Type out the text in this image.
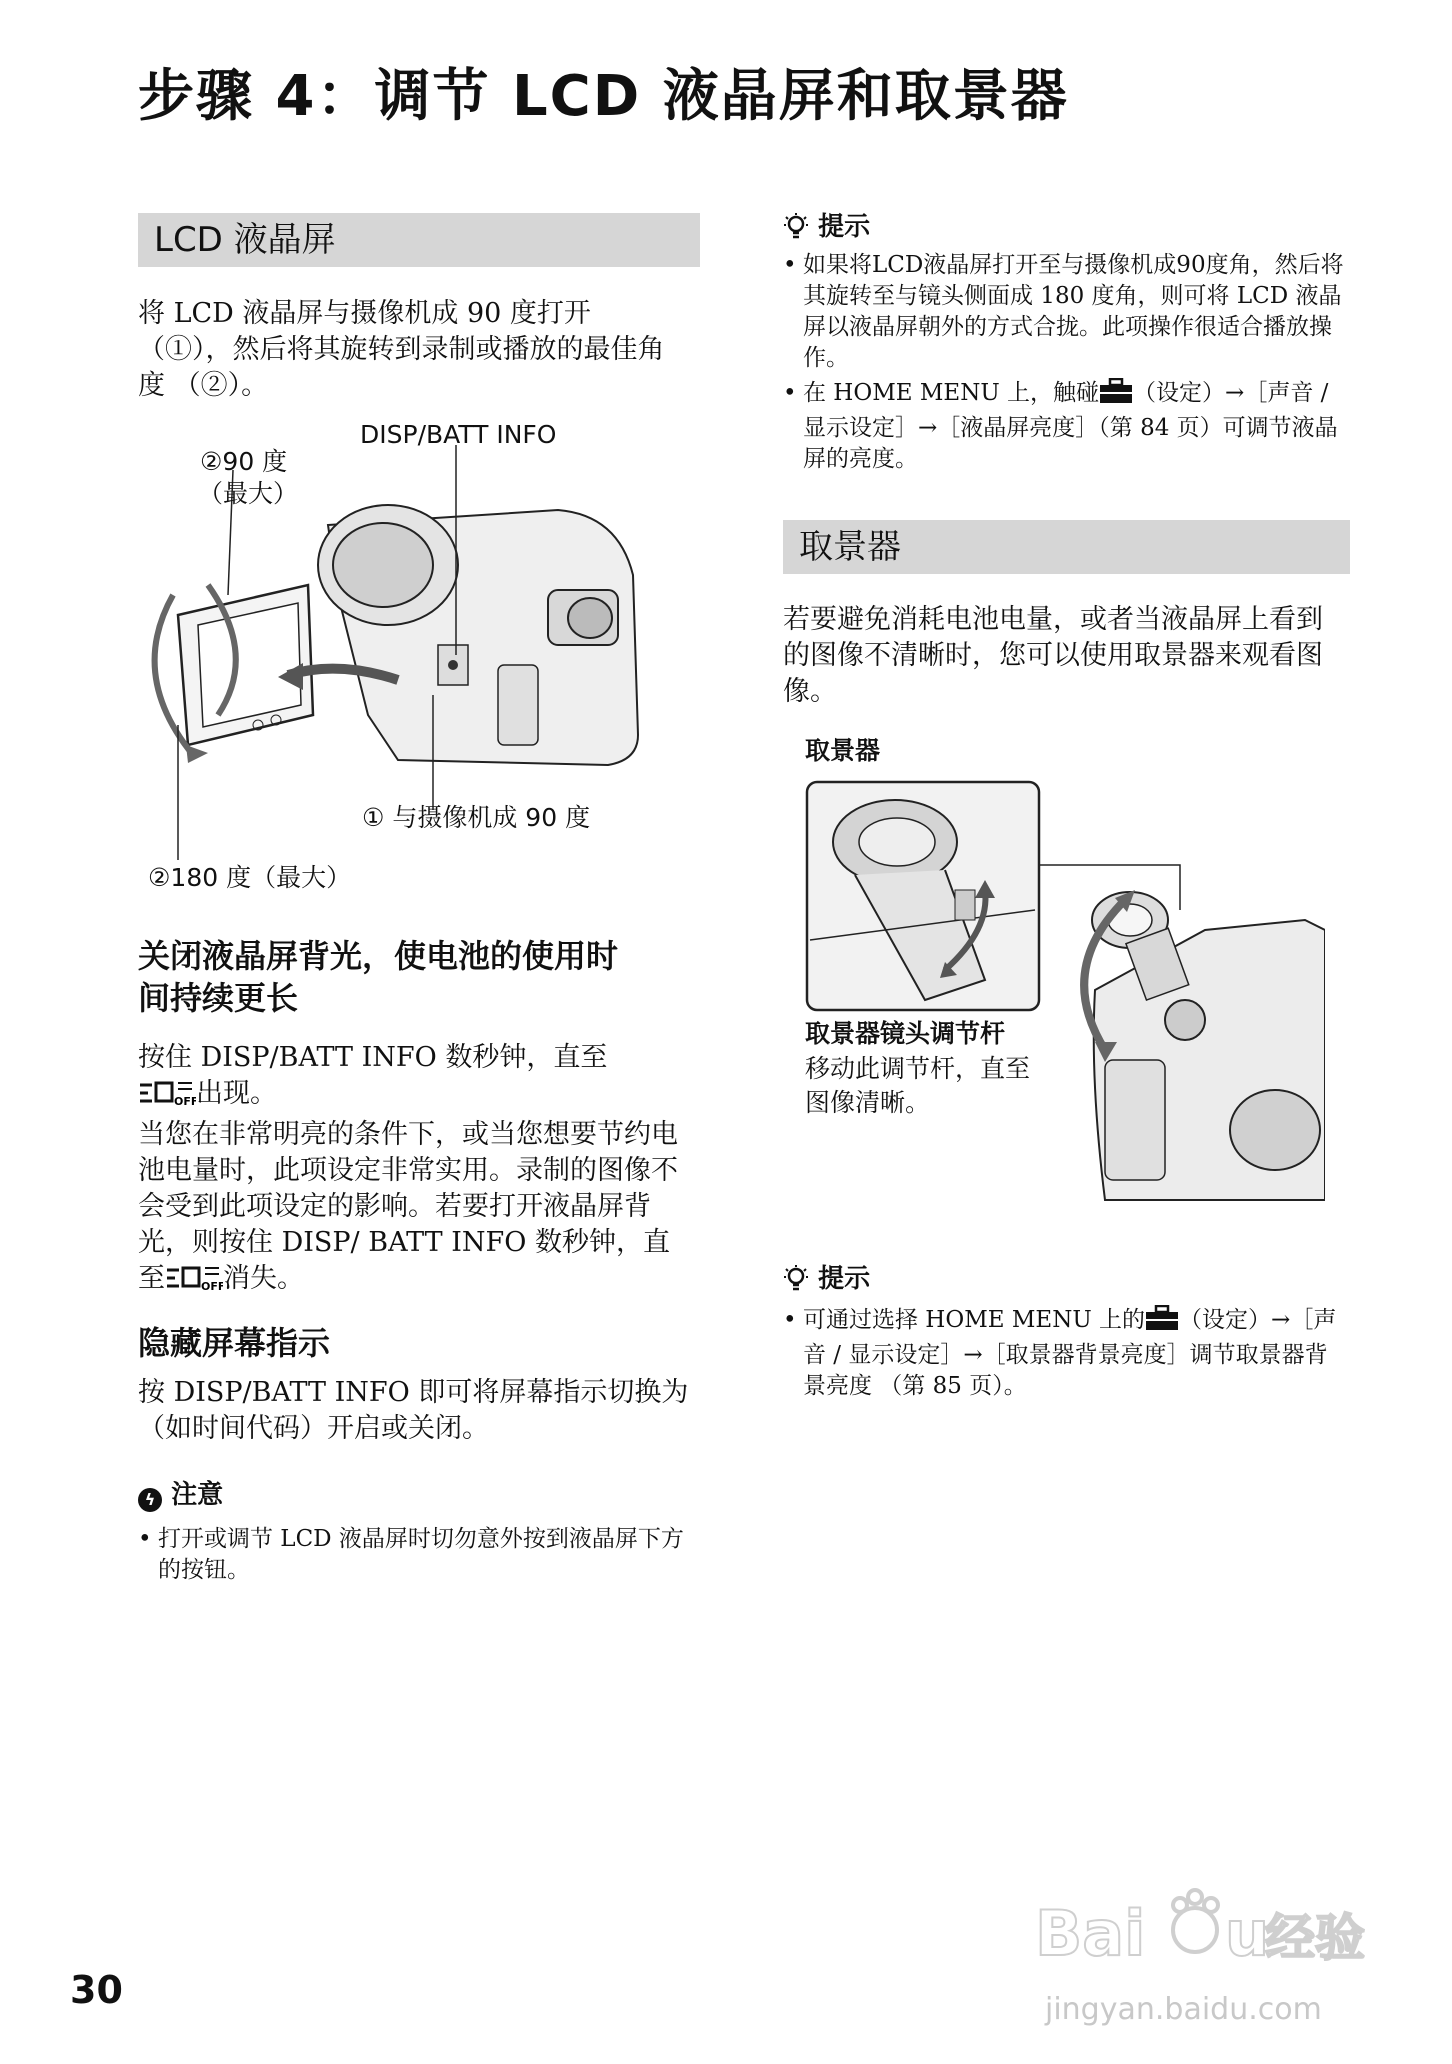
步骤 4：调节 LCD 液晶屏和取景器
LCD 液晶屏

将 LCD 液晶屏与摄像机成 90 度打开（①），然后将其旋转到录制或播放的最佳角度 （②）。

DISP/BATT INFO
②90 度
（最大）
① 与摄像机成 90 度
②180 度（最大）

关闭液晶屏背光，使电池的使用时

间持续更长

按住 DISP/BATT INFO 数秒钟，直至

OFF
出现。
当您在非常明亮的条件下，或当您想要节约电池电量时，此项设定非常实用。录制的图像不会受到此项设定的影响。若要打开液晶屏背光，则按住 DISP/ BATT INFO 数秒钟，直至	OFF
消失。

隐藏屏幕指示

按 DISP/BATT INFO 即可将屏幕指示切换为 （如时间代码）开启或关闭。

ϟ 注意
• 打开或调节 LCD 液晶屏时切勿意外按到液晶屏下方的按钮。
提示
• 如果将LCD液晶屏打开至与摄像机成90度角，然后将其旋转至与镜头侧面成 180 度角，则可将 LCD 液晶屏以液晶屏朝外的方式合拢。此项操作很适合播放操作。
• 在 HOME MENU 上，触碰 （设定）→［声音 / 显示设定］→［液晶屏亮度］（第 84 页）可调节液晶屏的亮度。
取景器

若要避免消耗电池电量，或者当液晶屏上看到的图像不清晰时，您可以使用取景器来观看图像。

取景器
取景器镜头调节杆

移动此调节杆，直至图像清晰。

提示
• 可通过选择 HOME MENU 上的 （设定）→［声音 / 显示设定］→［取景器背景亮度］调节取景器背景亮度 （第 85 页）。
30
Bai u
经验
jingyan.baidu.com
